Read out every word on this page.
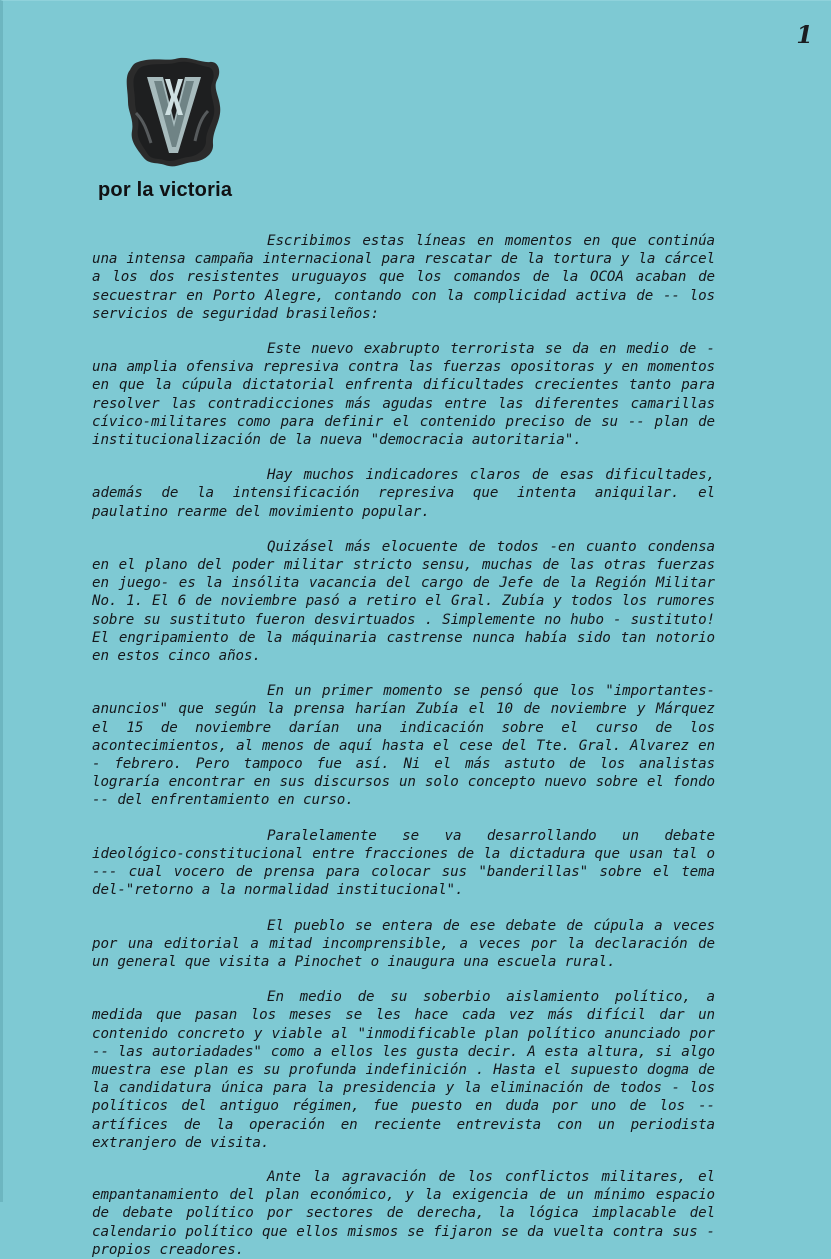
1
por la victoria

Escribimos estas líneas en momentos en que continúa una intensa campaña internacional para rescatar de la tortura y la cárcel a los dos resistentes uruguayos que los comandos de la OCOA acaban de secuestrar en Porto Alegre, contando con la complicidad activa de -- los servicios de seguridad brasileños:

Este nuevo exabrupto terrorista se da en medio de - una amplia ofensiva represiva contra las fuerzas opositoras y en momentos en que la cúpula dictatorial enfrenta dificultades crecientes tanto para resolver las contradicciones más agudas entre las diferentes camarillas cívico-militares como para definir el contenido preciso de su -- plan de institucionalización de la nueva "democracia autoritaria".

Hay muchos indicadores claros de esas dificultades, además de la intensificación represiva que intenta aniquilar. el paulatino rearme del movimiento popular.

Quizásel más elocuente de todos -en cuanto condensa en el plano del poder militar stricto sensu, muchas de las otras fuerzas en juego- es la insólita vacancia del cargo de Jefe de la Región Militar No. 1. El 6 de noviembre pasó a retiro el Gral. Zubía y todos los rumores sobre su sustituto fueron desvirtuados . Simplemente no hubo - sustituto! El engripamiento de la máquinaria castrense nunca había sido tan notorio en estos cinco años.

En un primer momento se pensó que los "importantes-anuncios" que según la prensa harían Zubía el 10 de noviembre y Márquez el 15 de noviembre darían una indicación sobre el curso de los acontecimientos, al menos de aquí hasta el cese del Tte. Gral. Alvarez en - febrero. Pero tampoco fue así. Ni el más astuto de los analistas lograría encontrar en sus discursos un solo concepto nuevo sobre el fondo -- del enfrentamiento en curso.

Paralelamente se va desarrollando un debate ideológico-constitucional entre fracciones de la dictadura que usan tal o --- cual vocero de prensa para colocar sus "banderillas" sobre el tema del-"retorno a la normalidad institucional".

El pueblo se entera de ese debate de cúpula a veces por una editorial a mitad incomprensible, a veces por la declaración de un general que visita a Pinochet o inaugura una escuela rural.

En medio de su soberbio aislamiento político, a medida que pasan los meses se les hace cada vez más difícil dar un contenido concreto y viable al "inmodificable plan político anunciado por -- las autoriadades" como a ellos les gusta decir. A esta altura, si algo muestra ese plan es su profunda indefinición . Hasta el supuesto dogma de la candidatura única para la presidencia y la eliminación de todos - los políticos del antiguo régimen, fue puesto en duda por uno de los -- artífices de la operación en reciente entrevista con un periodista extranjero de visita.

Ante la agravación de los conflictos militares, el empantanamiento del plan económico, y la exigencia de un mínimo espacio de debate político por sectores de derecha, la lógica implacable del calendario político que ellos mismos se fijaron se da vuelta contra sus - propios creadores.
